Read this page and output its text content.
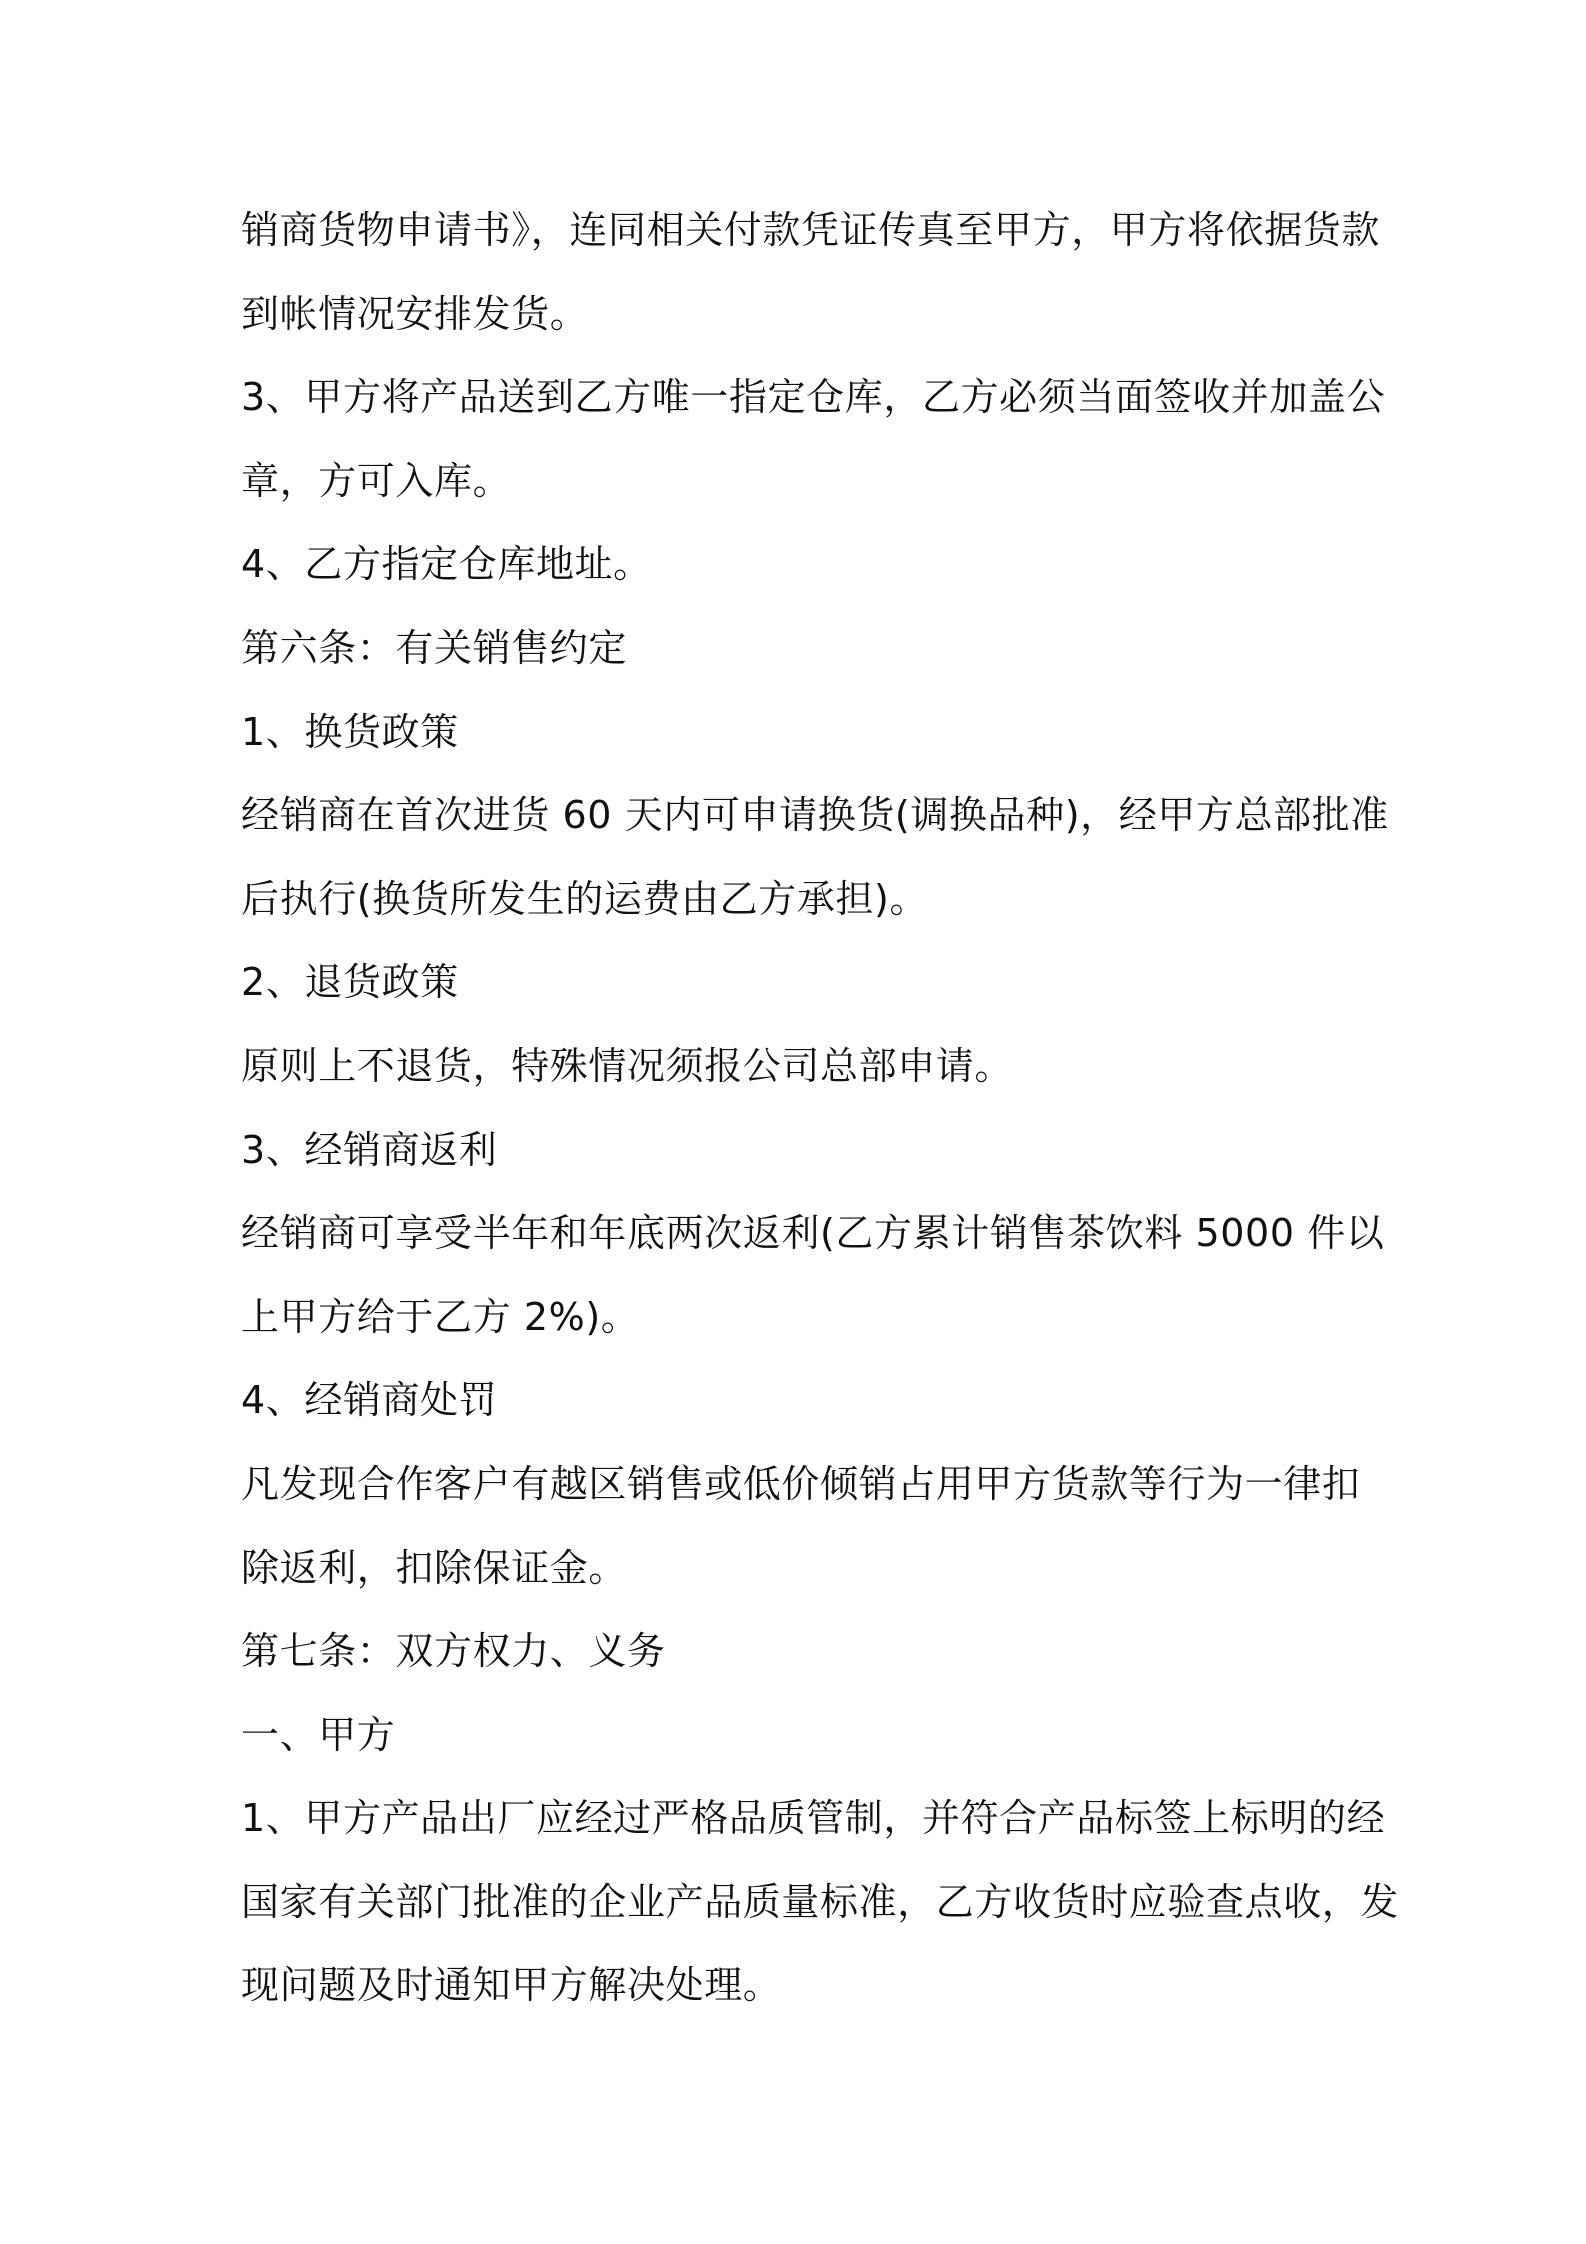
销商货物申请书》，连同相关付款凭证传真至甲方，甲方将依据货款
到帐情况安排发货。
3、甲方将产品送到乙方唯一指定仓库，乙方必须当面签收并加盖公
章，方可入库。
4、乙方指定仓库地址。
第六条：有关销售约定
1、换货政策
经销商在首次进货 60 天内可申请换货(调换品种)，经甲方总部批准
后执行(换货所发生的运费由乙方承担)。
2、退货政策
原则上不退货，特殊情况须报公司总部申请。
3、经销商返利
经销商可享受半年和年底两次返利(乙方累计销售茶饮料 5000 件以
上甲方给于乙方 2%)。
4、经销商处罚
凡发现合作客户有越区销售或低价倾销占用甲方货款等行为一律扣
除返利，扣除保证金。
第七条：双方权力、义务
一、甲方
1、甲方产品出厂应经过严格品质管制，并符合产品标签上标明的经
国家有关部门批准的企业产品质量标准，乙方收货时应验查点收，发
现问题及时通知甲方解决处理。
